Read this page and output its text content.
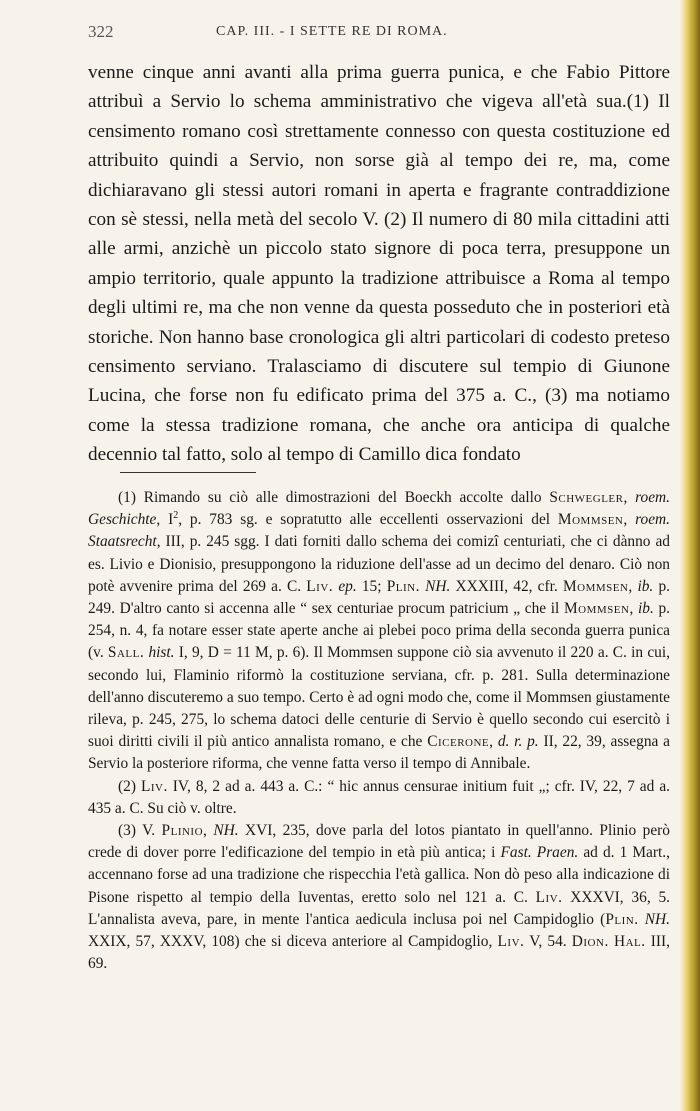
322	CAP. III. - I SETTE RE DI ROMA.

venne cinque anni avanti alla prima guerra punica, e che Fabio Pittore attribuì a Servio lo schema amministrativo che vigeva all'età sua.(1) Il censimento romano così strettamente connesso con questa costituzione ed attribuito quindi a Servio, non sorse già al tempo dei re, ma, come dichiaravano gli stessi autori romani in aperta e fragrante contraddizione con sè stessi, nella metà del secolo V. (2) Il numero di 80 mila cittadini atti alle armi, anzichè un piccolo stato signore di poca terra, presuppone un ampio territorio, quale appunto la tradizione attribuisce a Roma al tempo degli ultimi re, ma che non venne da questa posseduto che in posteriori età storiche. Non hanno base cronologica gli altri particolari di codesto preteso censimento serviano. Tralasciamo di discutere sul tempio di Giunone Lucina, che forse non fu edificato prima del 375 a. C., (3) ma notiamo come la stessa tradizione romana, che anche ora anticipa di qualche decennio tal fatto, solo al tempo di Camillo dica fondato

(1) Rimando su ciò alle dimostrazioni del Boeckh accolte dallo Schwegler, roem. Geschichte, $I^2$, p. 783 sg. e sopratutto alle eccellenti osservazioni del Mommsen, roem. Staatsrecht, III, p. 245 sgg. I dati forniti dallo schema dei comizî centuriati, che ci dànno ad es. Livio e Dionisio, presuppongono la riduzione dell'asse ad un decimo del denaro. Ciò non potè avvenire prima del 269 a. C. Liv. ep. 15; Plin. NH. XXXIII, 42, cfr. Mommsen, ib. p. 249. D'altro canto si accenna alle “ sex centuriae procum patricium „ che il Mommsen, ib. p. 254, n. 4, fa notare esser state aperte anche ai plebei poco prima della seconda guerra punica (v. Sall. hist. I, 9, D = 11 M, p. 6). Il Mommsen suppone ciò sia avvenuto il 220 a. C. in cui, secondo lui, Flaminio riformò la costituzione serviana, cfr. p. 281. Sulla determinazione dell'anno discuteremo a suo tempo. Certo è ad ogni modo che, come il Mommsen giustamente rileva, p. 245, 275, lo schema datoci delle centurie di Servio è quello secondo cui esercitò i suoi diritti civili il più antico annalista romano, e che Cicerone, d. r. p. II, 22, 39, assegna a Servio la posteriore riforma, che venne fatta verso il tempo di Annibale.

(2) Liv. IV, 8, 2 ad a. 443 a. C.: “ hic annus censurae initium fuit „; cfr. IV, 22, 7 ad a. 435 a. C. Su ciò v. oltre.

(3) V. Plinio, NH. XVI, 235, dove parla del lotos piantato in quell'anno. Plinio però crede di dover porre l'edificazione del tempio in età più antica; i Fast. Praen. ad d. 1 Mart., accennano forse ad una tradizione che rispecchia l'età gallica. Non dò peso alla indicazione di Pisone rispetto al tempio della Iuventas, eretto solo nel 121 a. C. Liv. XXXVI, 36, 5. L'annalista aveva, pare, in mente l'antica aedicula inclusa poi nel Campidoglio (Plin. NH. XXIX, 57, XXXV, 108) che si diceva anteriore al Campidoglio, Liv. V, 54. Dion. Hal. III, 69.
